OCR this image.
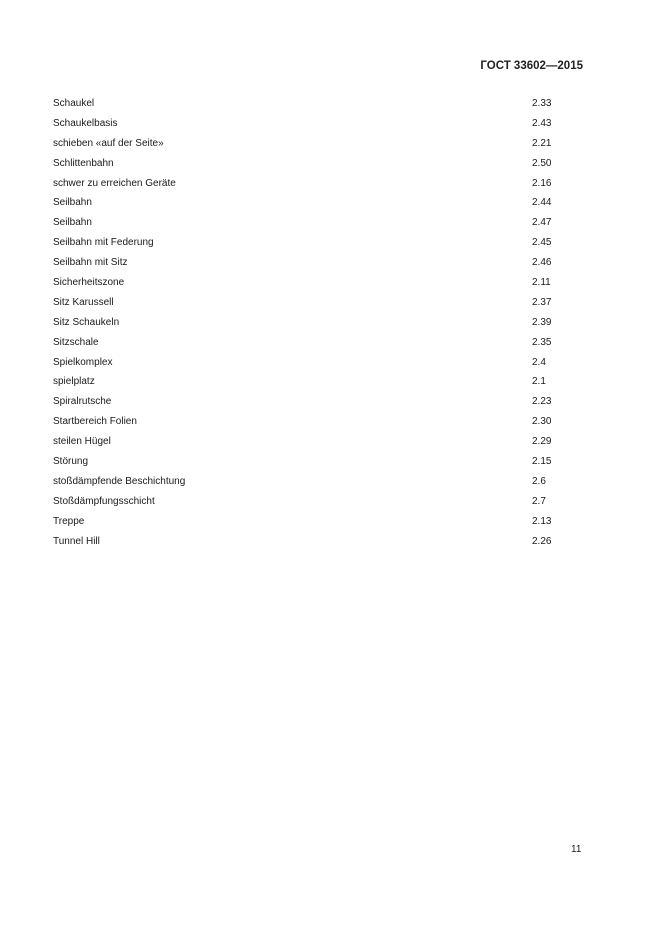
ГОСТ 33602—2015
Schaukel	2.33
Schaukelbasis	2.43
schieben «auf der Seite»	2.21
Schlittenbahn	2.50
schwer zu erreichen Geräte	2.16
Seilbahn	2.44
Seilbahn	2.47
Seilbahn mit Federung	2.45
Seilbahn mit Sitz	2.46
Sicherheitszone	2.11
Sitz Karussell	2.37
Sitz Schaukeln	2.39
Sitzschale	2.35
Spielkomplex	2.4
spielplatz	2.1
Spiralrutsche	2.23
Startbereich Folien	2.30
steilen Hügel	2.29
Störung	2.15
stoßdämpfende Beschichtung	2.6
Stoßdämpfungsschicht	2.7
Treppe	2.13
Tunnel Hill	2.26
11
